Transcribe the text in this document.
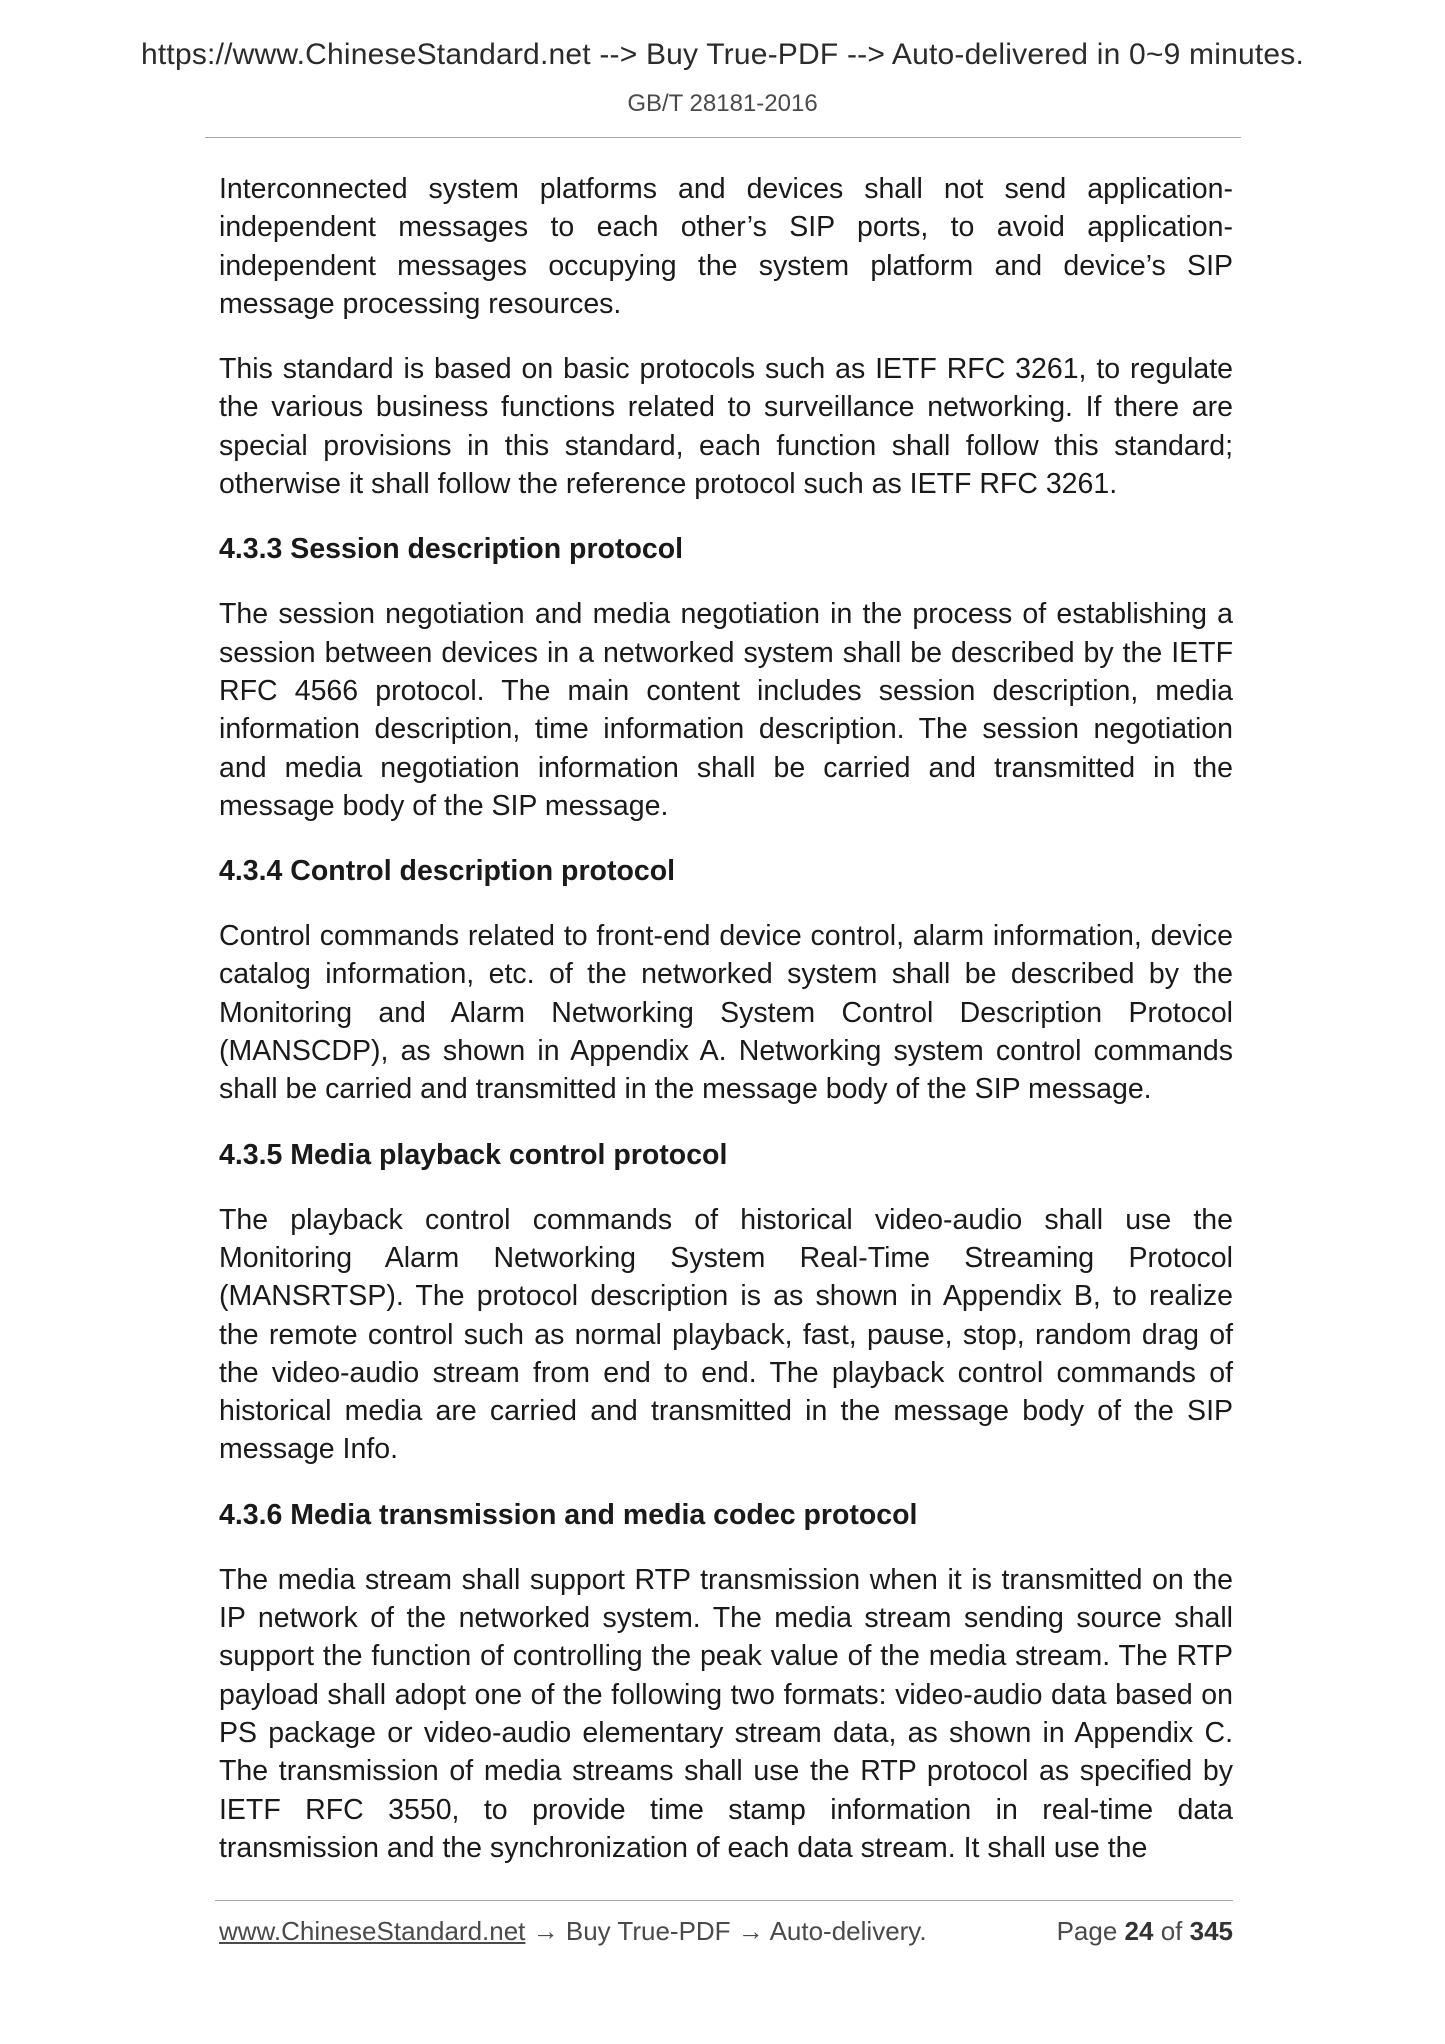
https://www.ChineseStandard.net --> Buy True-PDF --> Auto-delivered in 0~9 minutes.
GB/T 28181-2016

Interconnected system platforms and devices shall not send application-independent messages to each other’s SIP ports, to avoid application-independent messages occupying the system platform and device’s SIP message processing resources.

This standard is based on basic protocols such as IETF RFC 3261, to regulate the various business functions related to surveillance networking. If there are special provisions in this standard, each function shall follow this standard; otherwise it shall follow the reference protocol such as IETF RFC 3261.

4.3.3 Session description protocol

The session negotiation and media negotiation in the process of establishing a session between devices in a networked system shall be described by the IETF RFC 4566 protocol. The main content includes session description, media information description, time information description. The session negotiation and media negotiation information shall be carried and transmitted in the message body of the SIP message.

4.3.4 Control description protocol

Control commands related to front-end device control, alarm information, device catalog information, etc. of the networked system shall be described by the Monitoring and Alarm Networking System Control Description Protocol (MANSCDP), as shown in Appendix A. Networking system control commands shall be carried and transmitted in the message body of the SIP message.

4.3.5 Media playback control protocol

The playback control commands of historical video-audio shall use the Monitoring Alarm Networking System Real-Time Streaming Protocol (MANSRTSP). The protocol description is as shown in Appendix B, to realize the remote control such as normal playback, fast, pause, stop, random drag of the video-audio stream from end to end. The playback control commands of historical media are carried and transmitted in the message body of the SIP message Info.

4.3.6 Media transmission and media codec protocol

The media stream shall support RTP transmission when it is transmitted on the IP network of the networked system. The media stream sending source shall support the function of controlling the peak value of the media stream. The RTP payload shall adopt one of the following two formats: video-audio data based on PS package or video-audio elementary stream data, as shown in Appendix C. The transmission of media streams shall use the RTP protocol as specified by IETF RFC 3550, to provide time stamp information in real-time data transmission and the synchronization of each data stream. It shall use the

www.ChineseStandard.net → Buy True-PDF → Auto-delivery.	Page 24 of 345
